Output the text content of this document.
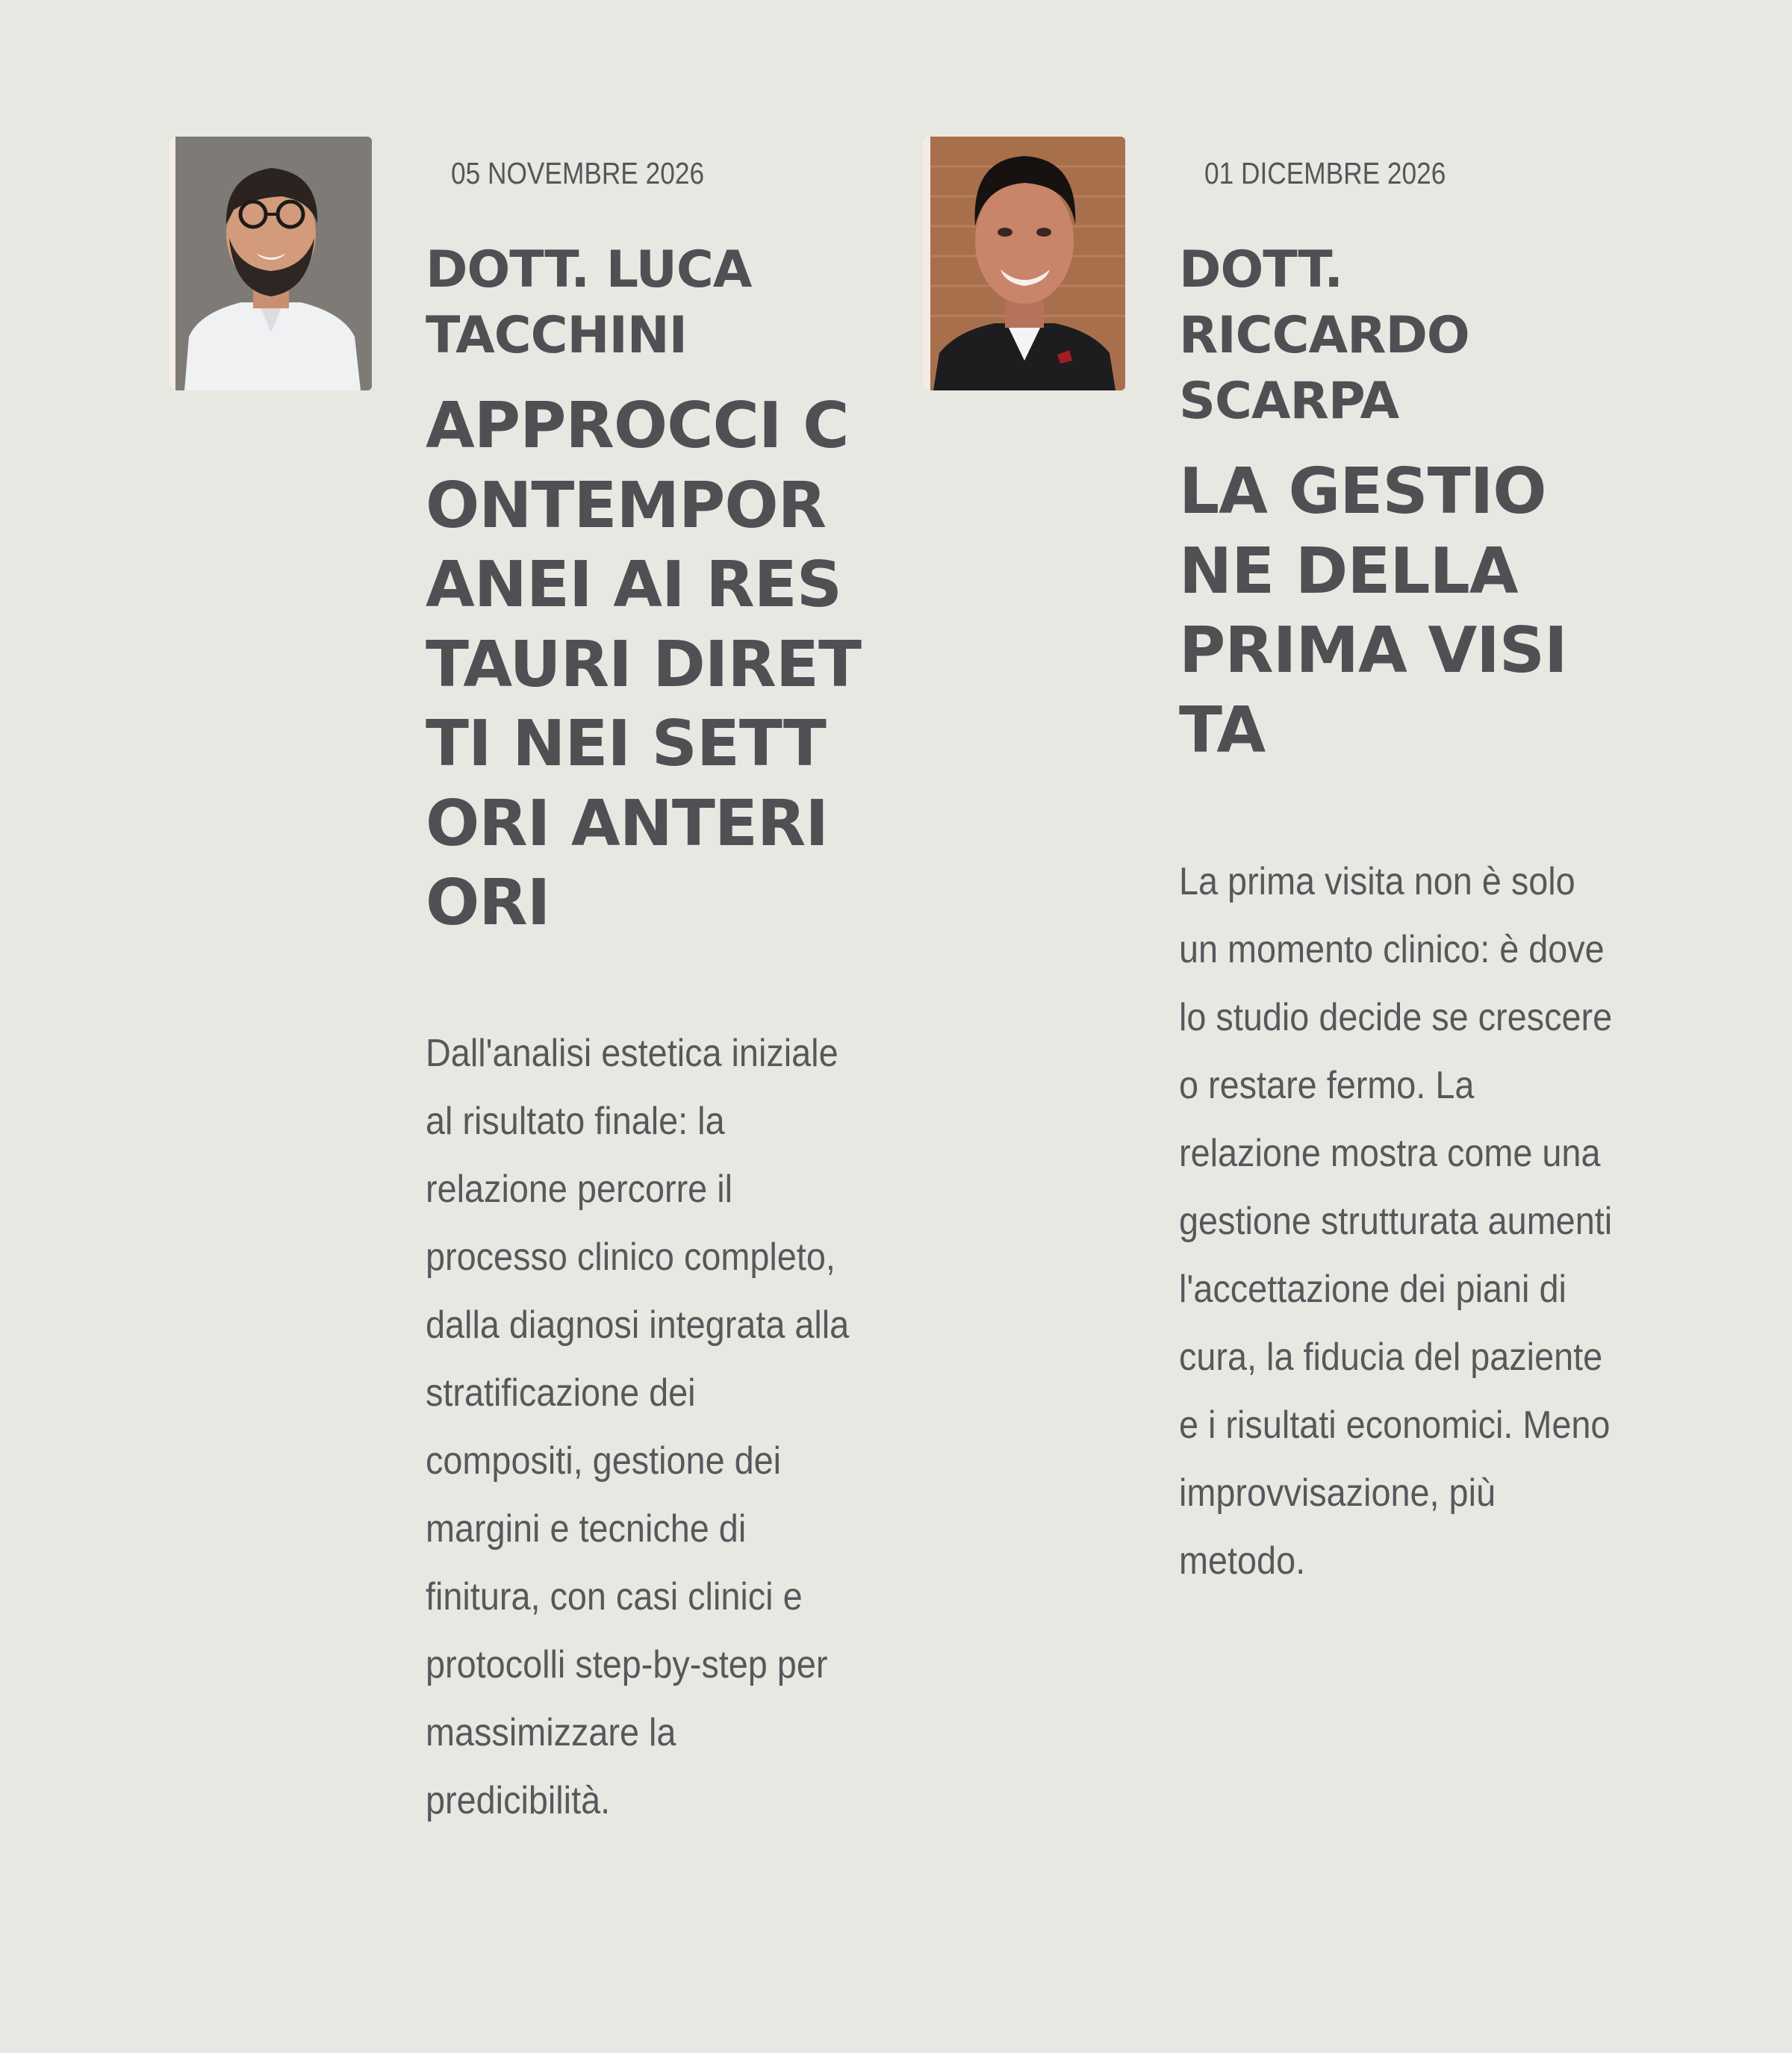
05 NOVEMBRE 2026
DOTT. LUCA TACCHINI
APPROCCI CONTEMPORANEI AI RESTAURI DIRETTI NEI SETTORI ANTERIORI
Dall'analisi estetica iniziale al risultato finale: la relazione percorre il processo clinico completo, dalla diagnosi integrata alla stratificazione dei compositi, gestione dei margini e tecniche di finitura, con casi clinici e protocolli step-by-step per massimizzare la predicibilità.
01 DICEMBRE 2026
DOTT. RICCARDO SCARPA
LA GESTIONE DELLA PRIMA VISITA
La prima visita non è solo un momento clinico: è dove lo studio decide se crescere o restare fermo. La relazione mostra come una gestione strutturata aumenti l'accettazione dei piani di cura, la fiducia del paziente e i risultati economici. Meno improvvisazione, più metodo.
